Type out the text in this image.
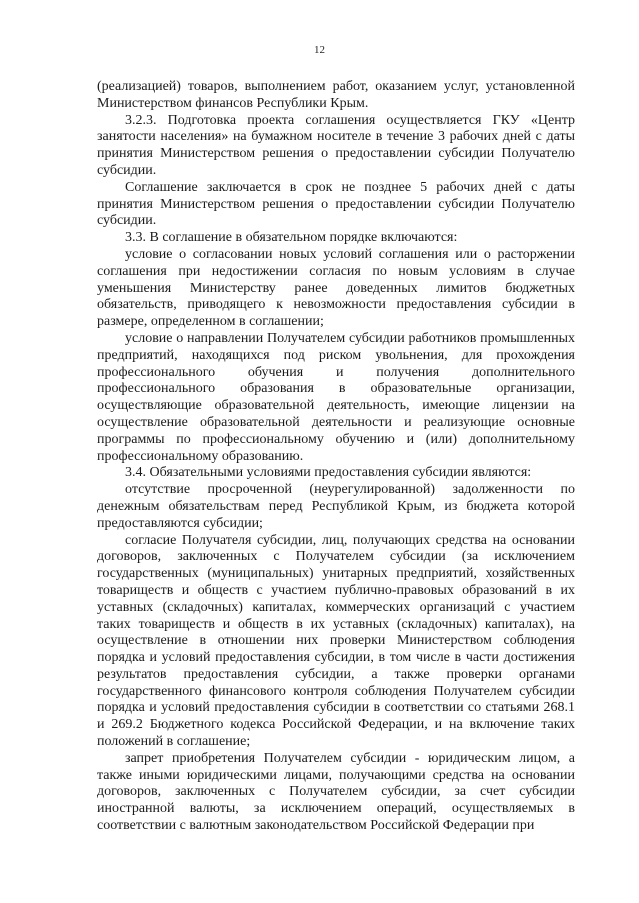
12

(реализацией) товаров, выполнением работ, оказанием услуг, установленной Министерством финансов Республики Крым.

3.2.3. Подготовка проекта соглашения осуществляется ГКУ «Центр занятости населения» на бумажном носителе в течение 3 рабочих дней с даты принятия Министерством решения о предоставлении субсидии Получателю субсидии.

Соглашение заключается в срок не позднее 5 рабочих дней с даты принятия Министерством решения о предоставлении субсидии Получателю субсидии.

3.3. В соглашение в обязательном порядке включаются:

условие о согласовании новых условий соглашения или о расторжении соглашения при недостижении согласия по новым условиям в случае уменьшения Министерству ранее доведенных лимитов бюджетных обязательств, приводящего к невозможности предоставления субсидии в размере, определенном в соглашении;

условие о направлении Получателем субсидии работников промышленных предприятий, находящихся под риском увольнения, для прохождения профессионального обучения и получения дополнительного профессионального образования в образовательные организации, осуществляющие образовательной деятельность, имеющие лицензии на осуществление образовательной деятельности и реализующие основные программы по профессиональному обучению и (или) дополнительному профессиональному образованию.

3.4. Обязательными условиями предоставления субсидии являются:

отсутствие просроченной (неурегулированной) задолженности по денежным обязательствам перед Республикой Крым, из бюджета которой предоставляются субсидии;

согласие Получателя субсидии, лиц, получающих средства на основании договоров, заключенных с Получателем субсидии (за исключением государственных (муниципальных) унитарных предприятий, хозяйственных товариществ и обществ с участием публично-правовых образований в их уставных (складочных) капиталах, коммерческих организаций с участием таких товариществ и обществ в их уставных (складочных) капиталах), на осуществление в отношении них проверки Министерством соблюдения порядка и условий предоставления субсидии, в том числе в части достижения результатов предоставления субсидии, а также проверки органами государственного финансового контроля соблюдения Получателем субсидии порядка и условий предоставления субсидии в соответствии со статьями 268.1 и 269.2 Бюджетного кодекса Российской Федерации, и на включение таких положений в соглашение;

запрет приобретения Получателем субсидии - юридическим лицом, а также иными юридическими лицами, получающими средства на основании договоров, заключенных с Получателем субсидии, за счет субсидии иностранной валюты, за исключением операций, осуществляемых в соответствии с валютным законодательством Российской Федерации при
